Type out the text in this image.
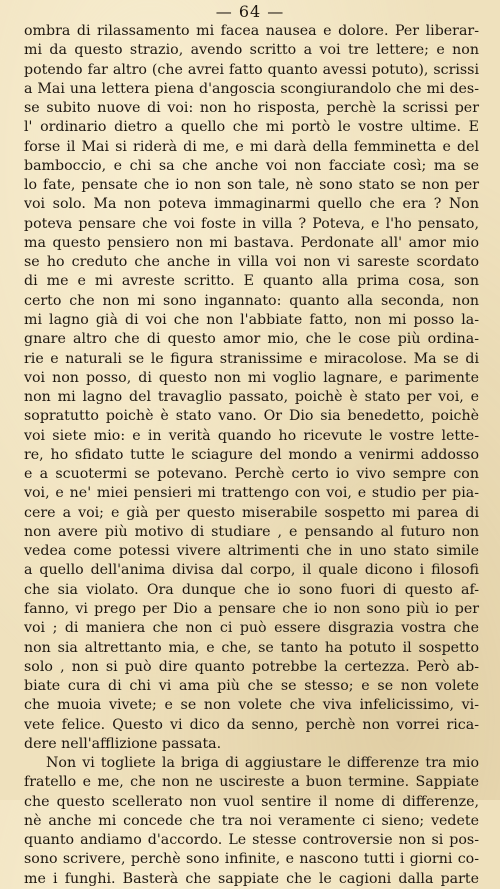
— 64 —
ombra di rilassamento mi facea nausea e dolore. Per liberar-
mi da questo strazio, avendo scritto a voi tre lettere; e non
potendo far altro (che avrei fatto quanto avessi potuto), scrissi
a Mai una lettera piena d'angoscia scongiurandolo che mi des-
se subito nuove di voi: non ho risposta, perchè la scrissi per
l' ordinario dietro a quello che mi portò le vostre ultime. E
forse il Mai si riderà di me, e mi darà della femminetta e del
bamboccio, e chi sa che anche voi non facciate così; ma se
lo fate, pensate che io non son tale, nè sono stato se non per
voi solo. Ma non poteva immaginarmi quello che era ? Non
poteva pensare che voi foste in villa ? Poteva, e l'ho pensato,
ma questo pensiero non mi bastava. Perdonate all' amor mio
se ho creduto che anche in villa voi non vi sareste scordato
di me e mi avreste scritto. E quanto alla prima cosa, son
certo che non mi sono ingannato: quanto alla seconda, non
mi lagno già di voi che non l'abbiate fatto, non mi posso la-
gnare altro che di questo amor mio, che le cose più ordina-
rie e naturali se le figura stranissime e miracolose. Ma se di
voi non posso, di questo non mi voglio lagnare, e parimente
non mi lagno del travaglio passato, poichè è stato per voi, e
sopratutto poichè è stato vano. Or Dio sia benedetto, poichè
voi siete mio: e in verità quando ho ricevute le vostre lette-
re, ho sfidato tutte le sciagure del mondo a venirmi addosso
e a scuotermi se potevano. Perchè certo io vivo sempre con
voi, e ne' miei pensieri mi trattengo con voi, e studio per pia-
cere a voi; e già per questo miserabile sospetto mi parea di
non avere più motivo di studiare , e pensando al futuro non
vedea come potessi vivere altrimenti che in uno stato simile
a quello dell'anima divisa dal corpo, il quale dicono i filosofi
che sia violato. Ora dunque che io sono fuori di questo af-
fanno, vi prego per Dio a pensare che io non sono più io per
voi ; di maniera che non ci può essere disgrazia vostra che
non sia altrettanto mia, e che, se tanto ha potuto il sospetto
solo , non si può dire quanto potrebbe la certezza. Però ab-
biate cura di chi vi ama più che se stesso; e se non volete
che muoia vivete; e se non volete che viva infelicissimo, vi-
vete felice. Questo vi dico da senno, perchè non vorrei rica-
dere nell'afflizione passata.
Non vi togliete la briga di aggiustare le differenze tra mio
fratello e me, che non ne uscireste a buon termine. Sappiate
che questo scellerato non vuol sentire il nome di differenze,
nè anche mi concede che tra noi veramente ci sieno; vedete
quanto andiamo d'accordo. Le stesse controversie non si pos-
sono scrivere, perchè sono infinite, e nascono tutti i giorni co-
me i funghi. Basterà che sappiate che le cagioni dalla parte
